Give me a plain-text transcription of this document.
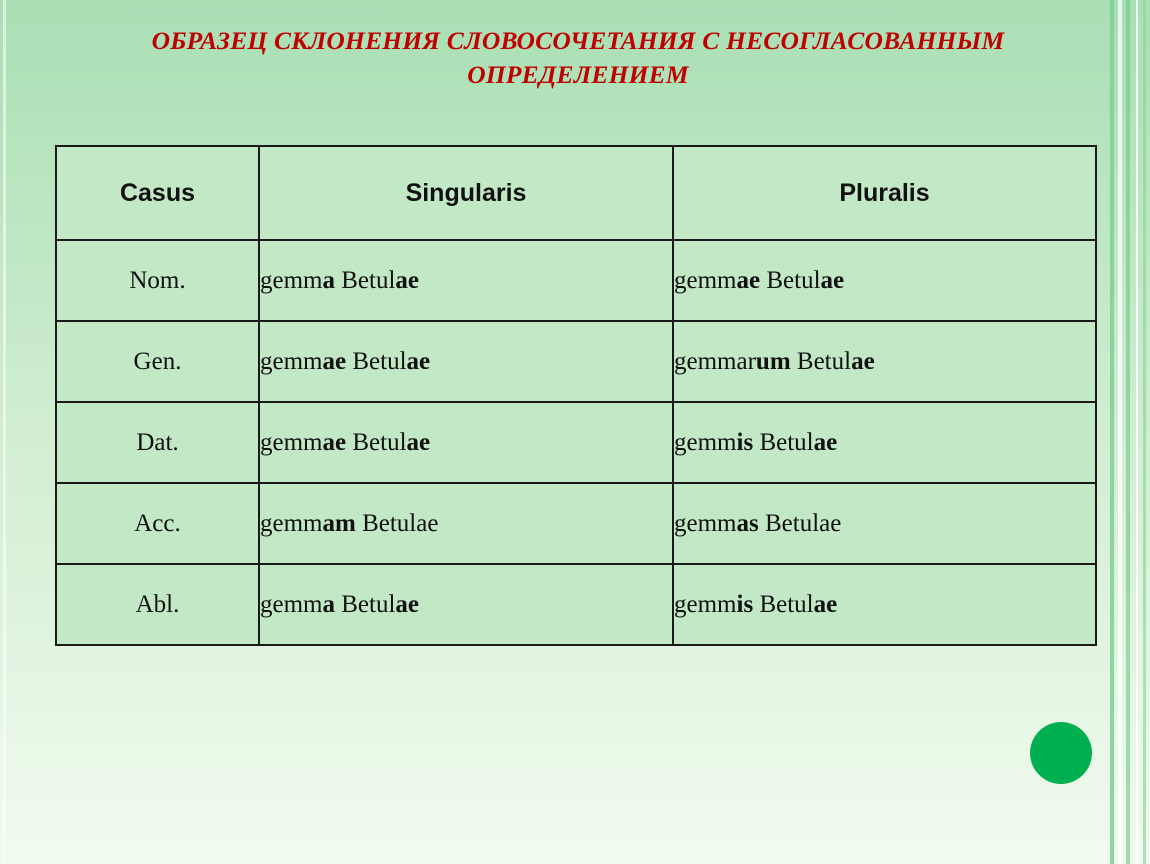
ОБРАЗЕЦ СКЛОНЕНИЯ СЛОВОСОЧЕТАНИЯ С НЕСОГЛАСОВАННЫМ ОПРЕДЕЛЕНИЕМ
Casus	Singularis	Pluralis
Nom.	gemma Betulae	gemmae Betulae
Gen.	gemmae Betulae	gemmarum Betulae
Dat.	gemmae Betulae	gemmis Betulae
Acc.	gemmam Betulae	gemmas Betulae
Abl.	gemma Betulae	gemmis Betulae
